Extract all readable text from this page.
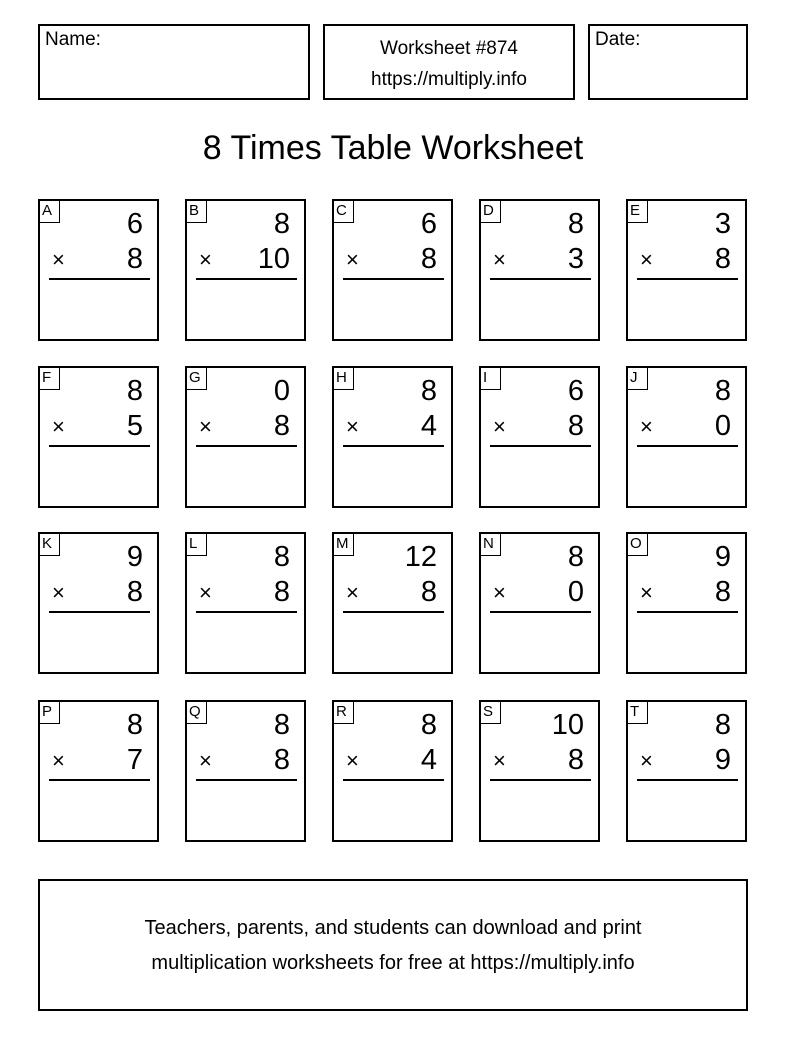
Name:	Worksheet #874
https://multiply.info
Date:
8 Times Table Worksheet
A	6
× 8
B	8
× 10
C	6
× 8
D	8
× 3
E	3
× 8
F	8
× 5
G	0
× 8
H	8
× 4
I	6
× 8
J	8
× 0
K	9
× 8
L	8
× 8
M 12
× 8
N	8
× 0
O	9
× 8
P	8
× 7
Q	8
× 8
R	8
× 4
S 10
× 8
T	8
× 9
Teachers, parents, and students can download and print
multiplication worksheets for free at https://multiply.info
